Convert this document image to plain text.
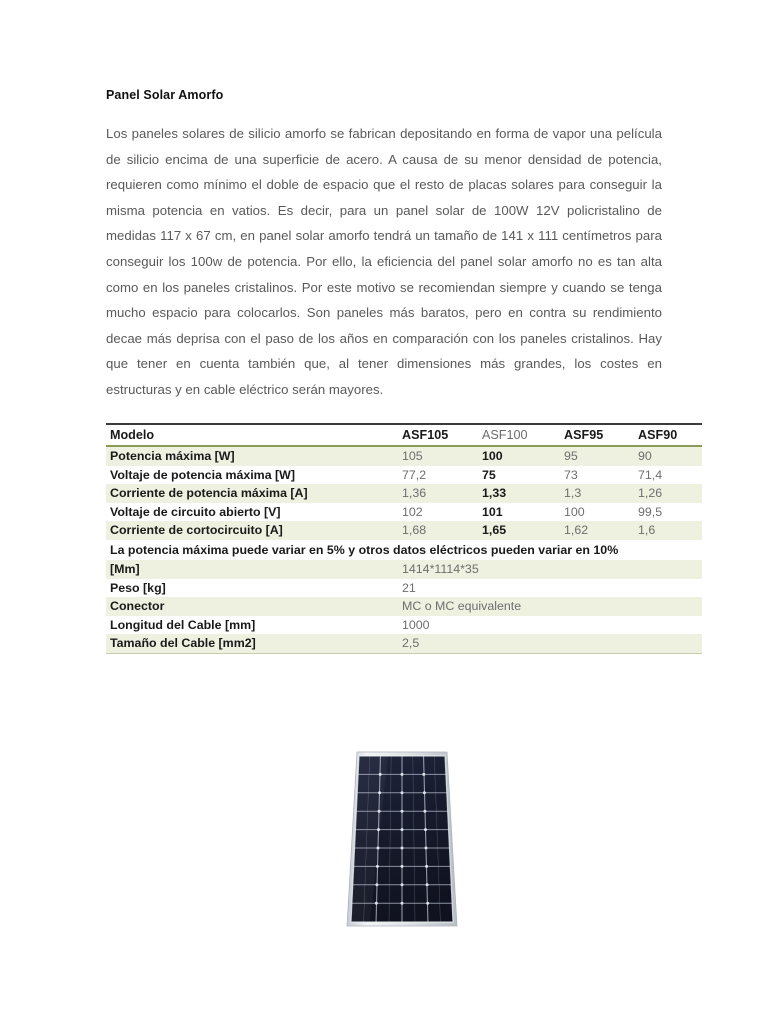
Panel Solar Amorfo

Los paneles solares de silicio amorfo se fabrican depositando en forma de vapor una película de silicio encima de una superficie de acero. A causa de su menor densidad de potencia, requieren como mínimo el doble de espacio que el resto de placas solares para conseguir la misma potencia en vatios. Es decir, para un panel solar de 100W 12V policristalino de medidas 117 x 67 cm, en panel solar amorfo tendrá un tamaño de 141 x 111 centímetros para conseguir los 100w de potencia. Por ello, la eficiencia del panel solar amorfo no es tan alta como en los paneles cristalinos. Por este motivo se recomiendan siempre y cuando se tenga mucho espacio para colocarlos. Son paneles más baratos, pero en contra su rendimiento decae más deprisa con el paso de los años en comparación con los paneles cristalinos. Hay que tener en cuenta también que, al tener dimensiones más grandes, los costes en estructuras y en cable eléctrico serán mayores.

Modelo	ASF105	ASF100	ASF95	ASF90
Potencia máxima [W]	105	100	95	90
Voltaje de potencia máxima [W]	77,2	75	73	71,4
Corriente de potencia máxima [A]	1,36	1,33	1,3	1,26
Voltaje de circuito abierto [V]	102	101	100	99,5
Corriente de cortocircuito [A]	1,68	1,65	1,62	1,6
La potencia máxima puede variar en 5% y otros datos eléctricos pueden variar en 10%				
[Mm]	1414*1114*35			
Peso [kg]	21			
Conector	MC o MC equivalente			
Longitud del Cable [mm]	1000			
Tamaño del Cable [mm2]	2,5			
